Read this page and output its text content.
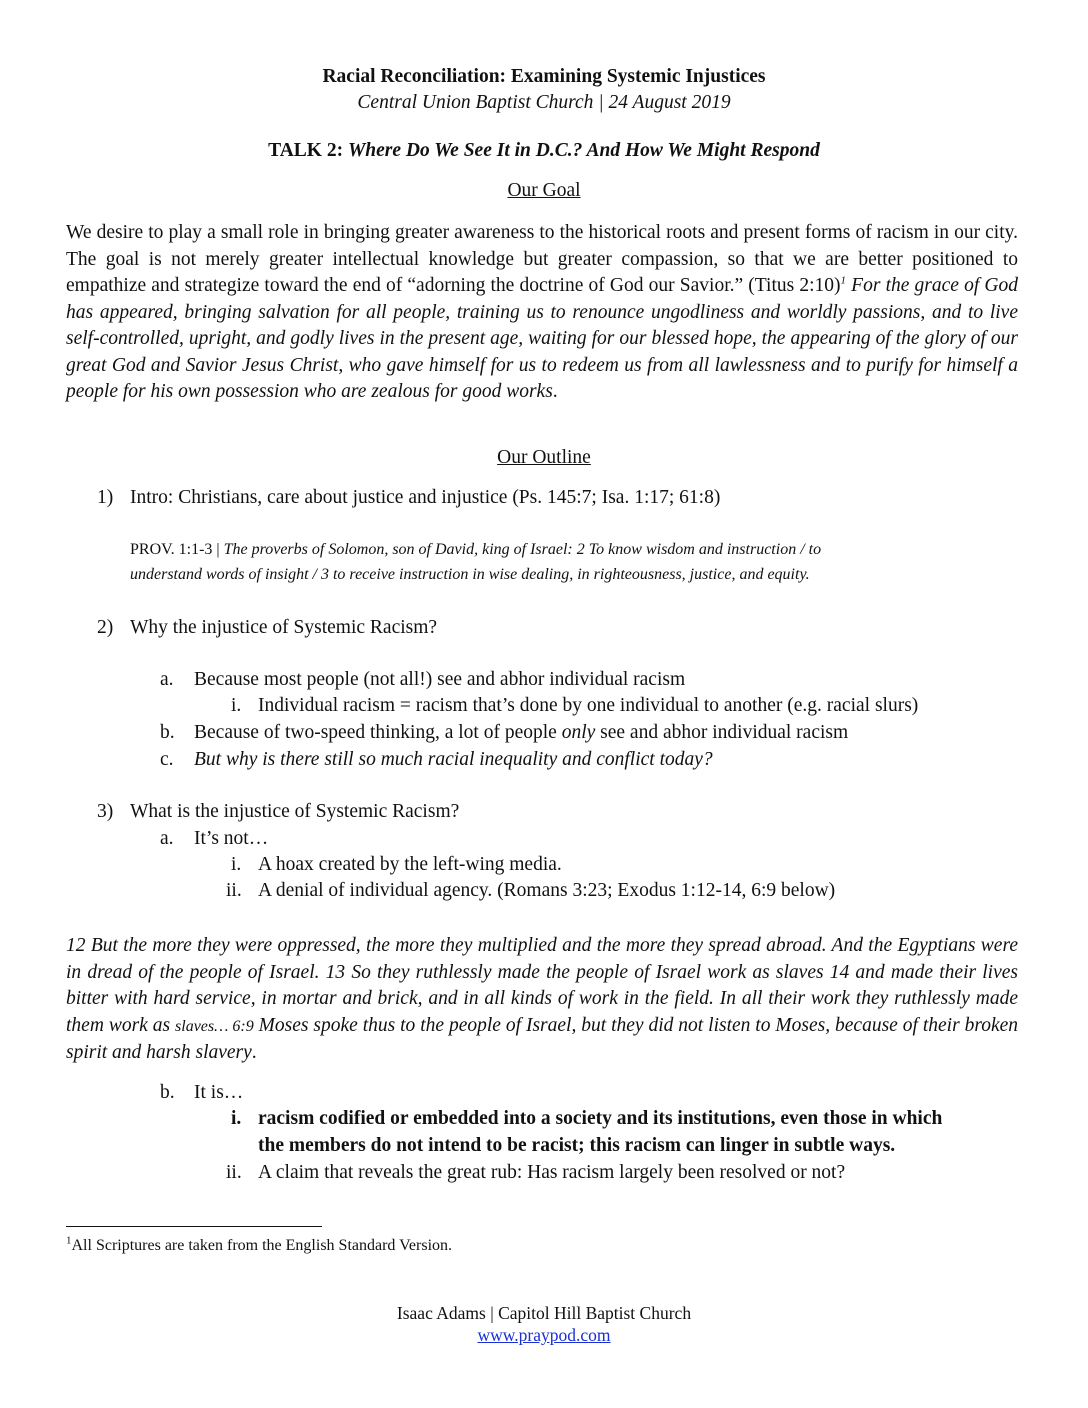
Racial Reconciliation: Examining Systemic Injustices
Central Union Baptist Church | 24 August 2019
TALK 2: Where Do We See It in D.C.? And How We Might Respond
Our Goal
We desire to play a small role in bringing greater awareness to the historical roots and present forms of racism in our city. The goal is not merely greater intellectual knowledge but greater compassion, so that we are better positioned to empathize and strategize toward the end of “adorning the doctrine of God our Savior.” (Titus 2:10)$^1$ For the grace of God has appeared, bringing salvation for all people, training us to renounce ungodliness and worldly passions, and to live self-controlled, upright, and godly lives in the present age, waiting for our blessed hope, the appearing of the glory of our great God and Savior Jesus Christ, who gave himself for us to redeem us from all lawlessness and to purify for himself a people for his own possession who are zealous for good works.
Our Outline
1) Intro: Christians, care about justice and injustice (Ps. 145:7; Isa. 1:17; 61:8)
PROV. 1:1-3 | The proverbs of Solomon, son of David, king of Israel: 2 To know wisdom and instruction / to
understand words of insight / 3 to receive instruction in wise dealing, in righteousness, justice, and equity.
2) Why the injustice of Systemic Racism?
a. Because most people (not all!) see and abhor individual racism
i. Individual racism = racism that’s done by one individual to another (e.g. racial slurs)
b. Because of two-speed thinking, a lot of people only see and abhor individual racism
c. But why is there still so much racial inequality and conflict today?
3) What is the injustice of Systemic Racism?
a. It’s not…
i. A hoax created by the left-wing media.
ii. A denial of individual agency. (Romans 3:23; Exodus 1:12-14, 6:9 below)
12 But the more they were oppressed, the more they multiplied and the more they spread abroad. And the Egyptians were in dread of the people of Israel. 13 So they ruthlessly made the people of Israel work as slaves 14 and made their lives bitter with hard service, in mortar and brick, and in all kinds of work in the field. In all their work they ruthlessly made them work as slaves… 6:9 Moses spoke thus to the people of Israel, but they did not listen to Moses, because of their broken spirit and harsh slavery.
b. It is…
i. racism codified or embedded into a society and its institutions, even those in which
the members do not intend to be racist; this racism can linger in subtle ways.
ii. A claim that reveals the great rub: Has racism largely been resolved or not?
$^1$All Scriptures are taken from the English Standard Version.
Isaac Adams | Capitol Hill Baptist Church
www.praypod.com
